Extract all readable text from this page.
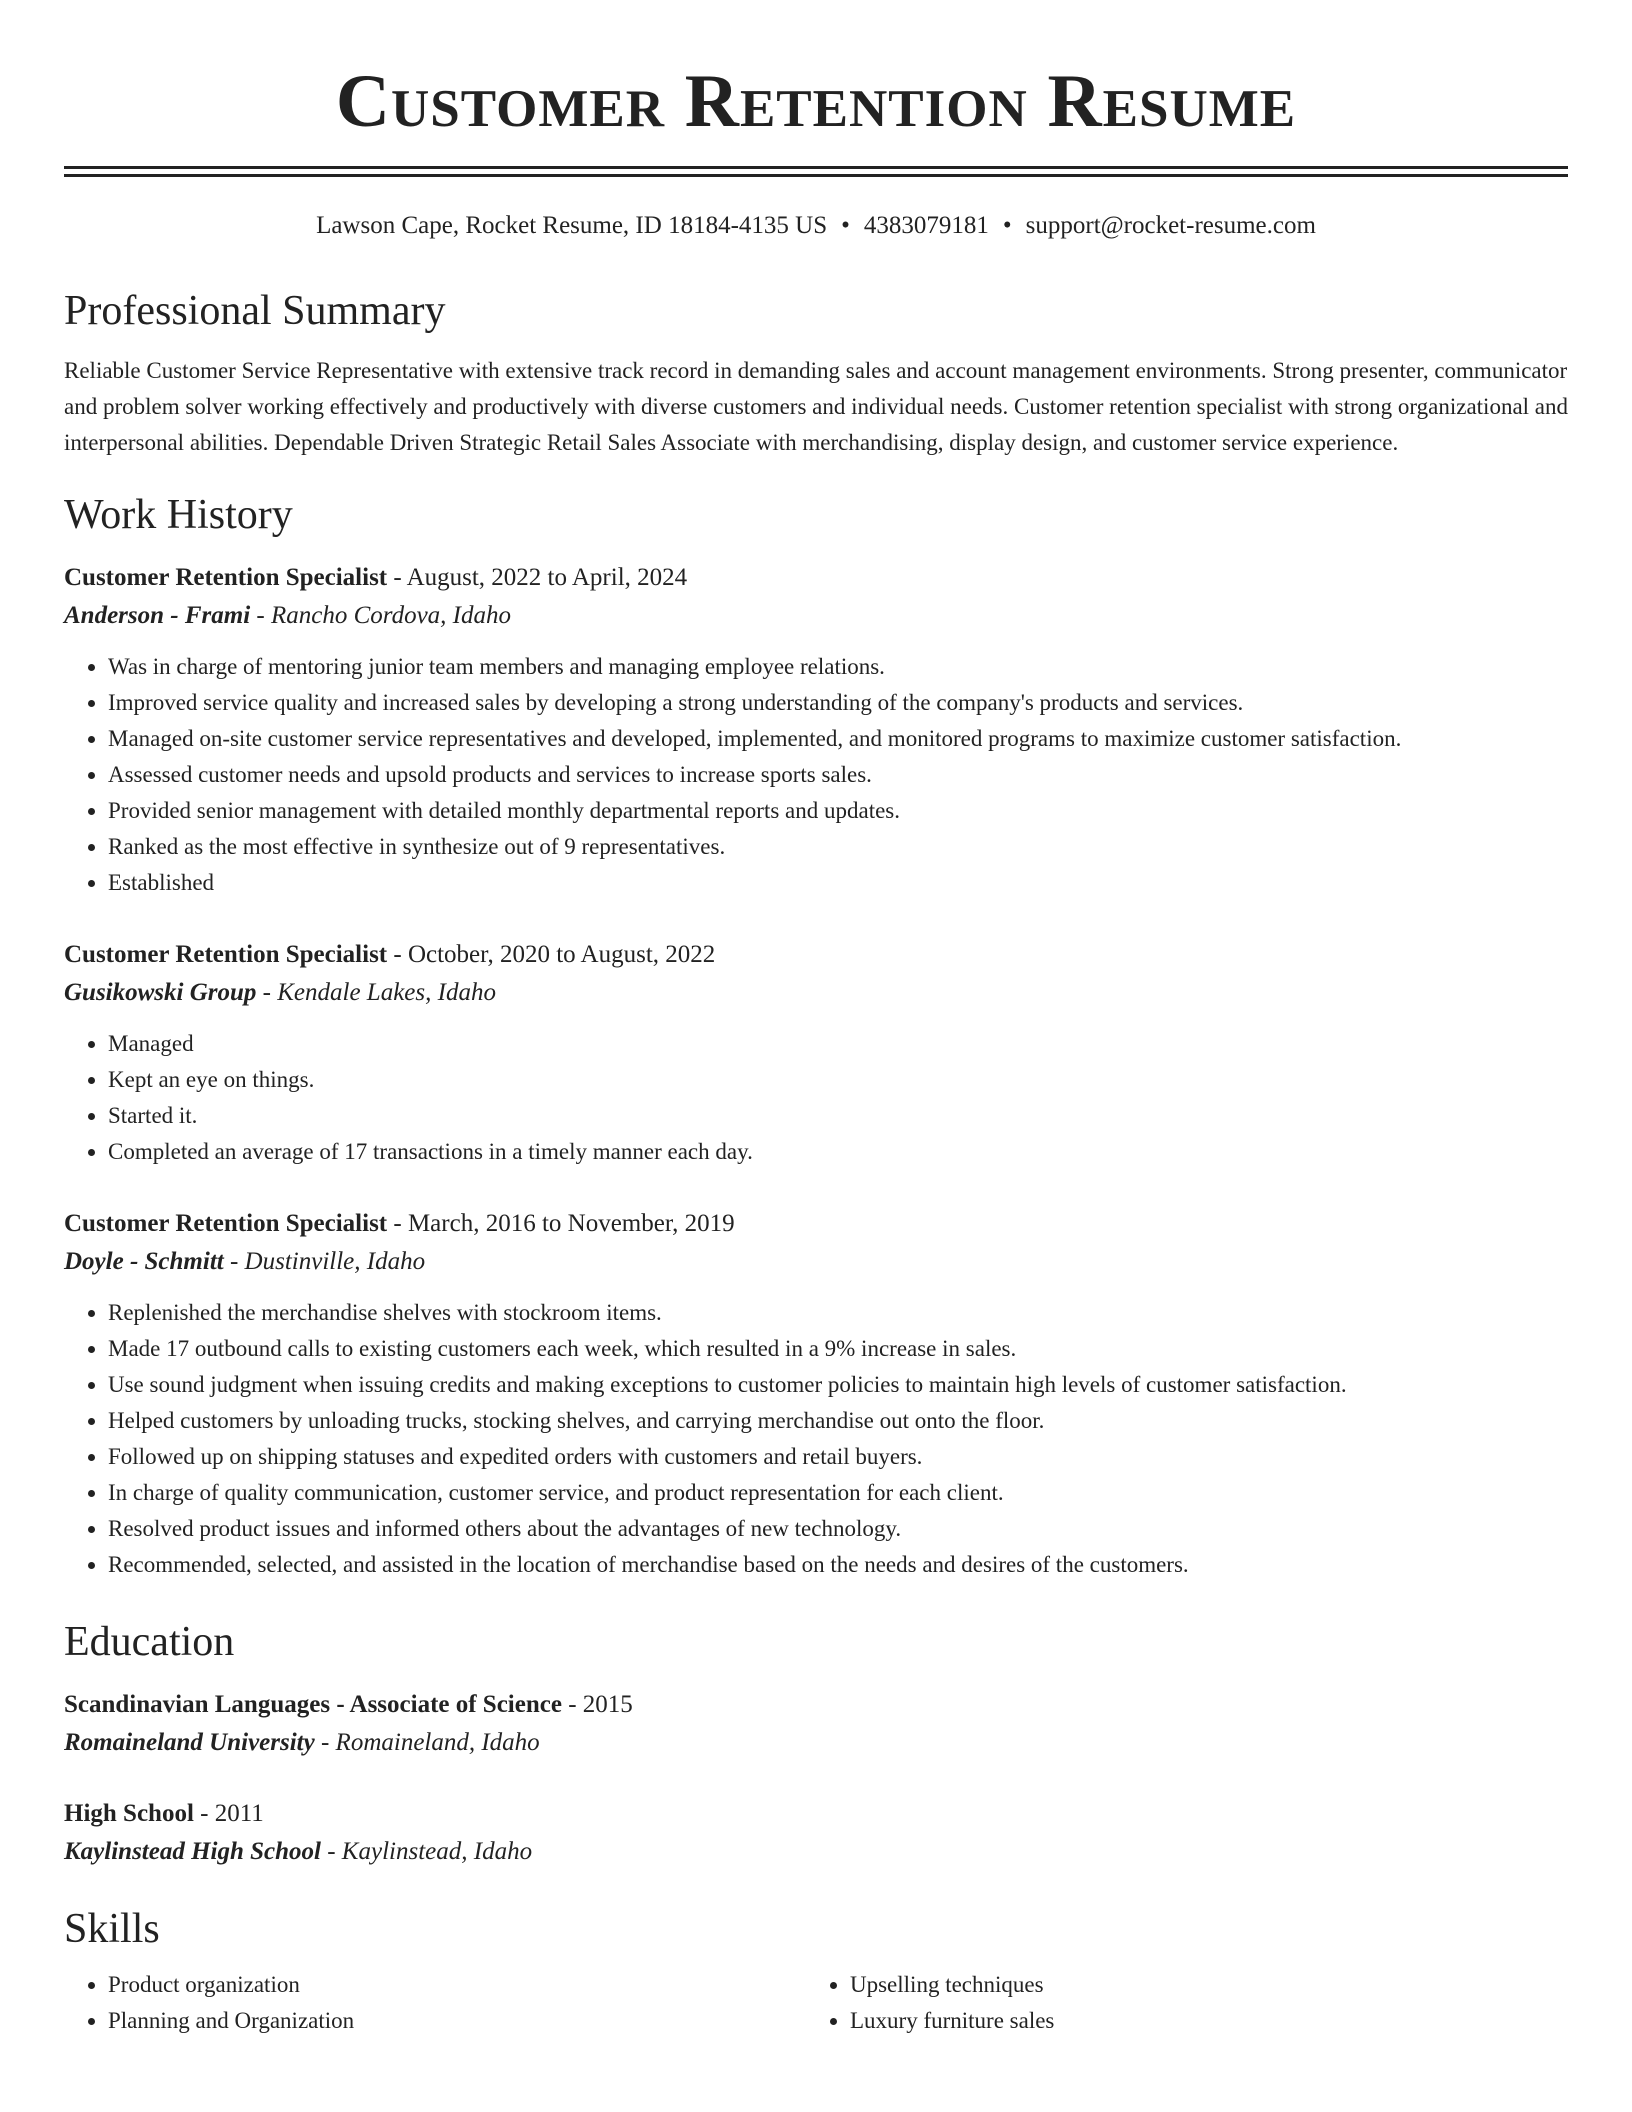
Customer Retention Resume
Lawson Cape, Rocket Resume, ID 18184-4135 US • 4383079181 • support@rocket-resume.com
Professional Summary

Reliable Customer Service Representative with extensive track record in demanding sales and account management environments. Strong presenter, communicator and problem solver working effectively and productively with diverse customers and individual needs. Customer retention specialist with strong organizational and interpersonal abilities. Dependable Driven Strategic Retail Sales Associate with merchandising, display design, and customer service experience.

Work History
Customer Retention Specialist - August, 2022 to April, 2024
Anderson - Frami - Rancho Cordova, Idaho
• Was in charge of mentoring junior team members and managing employee relations.
• Improved service quality and increased sales by developing a strong understanding of the company's products and services.
• Managed on-site customer service representatives and developed, implemented, and monitored programs to maximize customer satisfaction.
• Assessed customer needs and upsold products and services to increase sports sales.
• Provided senior management with detailed monthly departmental reports and updates.
• Ranked as the most effective in synthesize out of 9 representatives.
• Established
Customer Retention Specialist - October, 2020 to August, 2022
Gusikowski Group - Kendale Lakes, Idaho
• Managed
• Kept an eye on things.
• Started it.
• Completed an average of 17 transactions in a timely manner each day.
Customer Retention Specialist - March, 2016 to November, 2019
Doyle - Schmitt - Dustinville, Idaho
• Replenished the merchandise shelves with stockroom items.
• Made 17 outbound calls to existing customers each week, which resulted in a 9% increase in sales.
• Use sound judgment when issuing credits and making exceptions to customer policies to maintain high levels of customer satisfaction.
• Helped customers by unloading trucks, stocking shelves, and carrying merchandise out onto the floor.
• Followed up on shipping statuses and expedited orders with customers and retail buyers.
• In charge of quality communication, customer service, and product representation for each client.
• Resolved product issues and informed others about the advantages of new technology.
• Recommended, selected, and assisted in the location of merchandise based on the needs and desires of the customers.
Education
Scandinavian Languages - Associate of Science - 2015
Romaineland University - Romaineland, Idaho
High School - 2011
Kaylinstead High School - Kaylinstead, Idaho
Skills
• Product organization
• Planning and Organization
• Upselling techniques
• Luxury furniture sales
